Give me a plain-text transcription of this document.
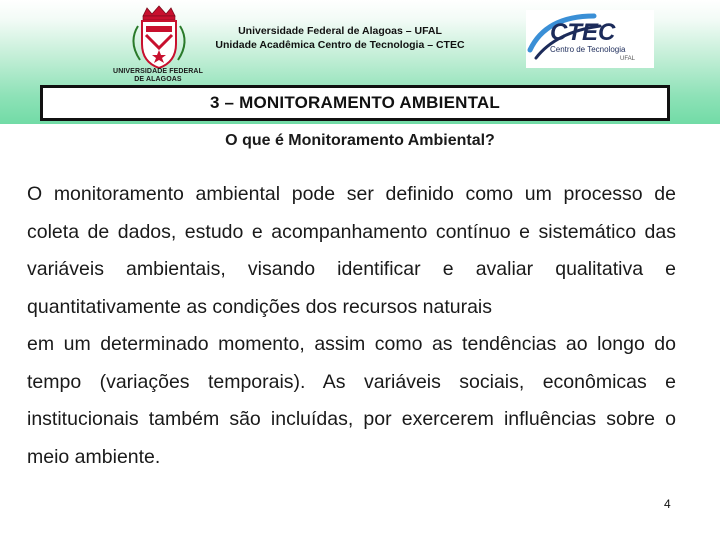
UNIVERSIDADE FEDERAL DE ALAGOAS
Universidade Federal de Alagoas – UFAL
Unidade Acadêmica Centro de Tecnologia – CTEC	CTEC
Centro de Tecnologia
UFAL
3 – MONITORAMENTO AMBIENTAL
O que é Monitoramento Ambiental?

O monitoramento ambiental pode ser definido como um processo de coleta de dados, estudo e acompanhamento contínuo e sistemático das variáveis ambientais, visando identificar e avaliar qualitativa e quantitativamente as condições dos recursos naturais

em um determinado momento, assim como as tendências ao longo do tempo (variações temporais). As variáveis sociais, econômicas e institucionais também são incluídas, por exercerem influências sobre o meio ambiente.

4
